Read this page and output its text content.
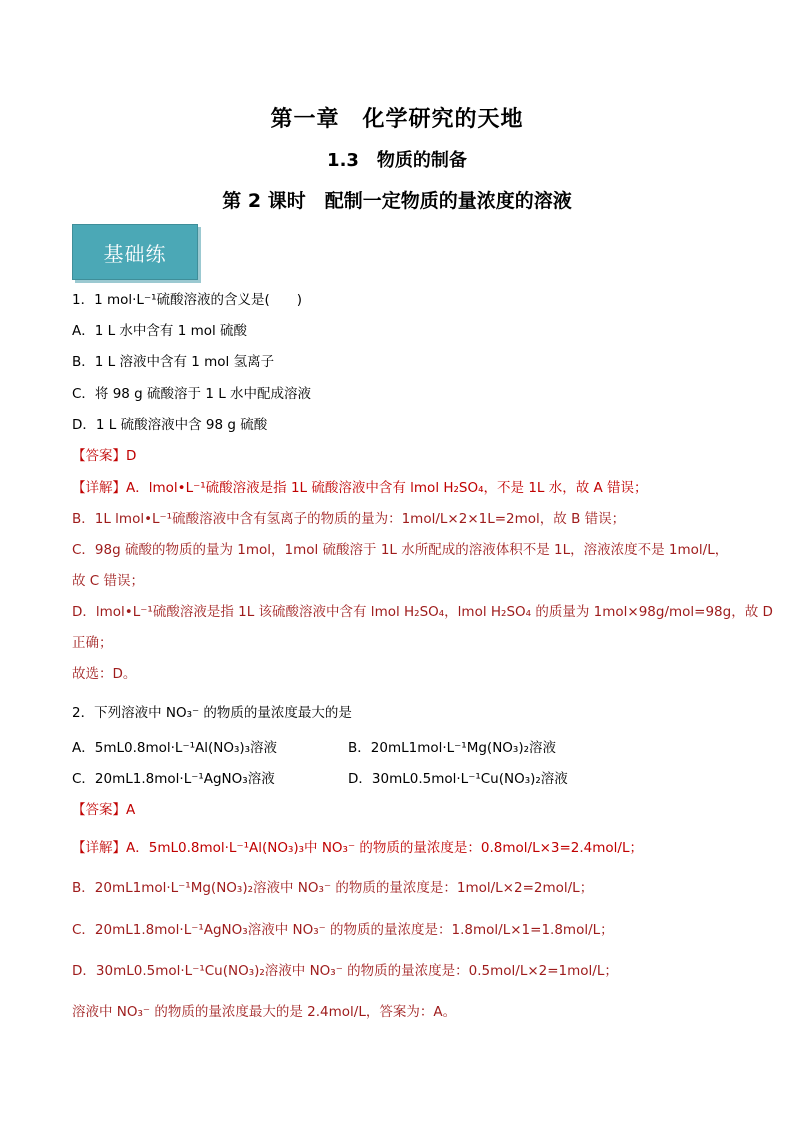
第一章　化学研究的天地
1.3　物质的制备
第 2 课时　配制一定物质的量浓度的溶液
基础练
1．1 mol·L⁻¹硫酸溶液的含义是(　　)
A．1 L 水中含有 1 mol 硫酸
B．1 L 溶液中含有 1 mol 氢离子
C．将 98 g 硫酸溶于 1 L 水中配成溶液
D．1 L 硫酸溶液中含 98 g 硫酸
【答案】D
【详解】A．lmol•L⁻¹硫酸溶液是指 1L 硫酸溶液中含有 lmol H₂SO₄，不是 1L 水，故 A 错误；
B．1L lmol•L⁻¹硫酸溶液中含有氢离子的物质的量为：1mol/L×2×1L=2mol，故 B 错误；
C．98g 硫酸的物质的量为 1mol，1mol 硫酸溶于 1L 水所配成的溶液体积不是 1L，溶液浓度不是 1mol/L，
故 C 错误；
D．lmol•L⁻¹硫酸溶液是指 1L 该硫酸溶液中含有 lmol H₂SO₄，lmol H₂SO₄ 的质量为 1mol×98g/mol=98g，故 D
正确；
故选：D。
2．下列溶液中 NO₃⁻ 的物质的量浓度最大的是
A．5mL0.8mol·L⁻¹Al(NO₃)₃溶液	B．20mL1mol·L⁻¹Mg(NO₃)₂溶液
C．20mL1.8mol·L⁻¹AgNO₃溶液	D．30mL0.5mol·L⁻¹Cu(NO₃)₂溶液
【答案】A
【详解】A．5mL0.8mol·L⁻¹Al(NO₃)₃中 NO₃⁻ 的物质的量浓度是：0.8mol/L×3=2.4mol/L；
B．20mL1mol·L⁻¹Mg(NO₃)₂溶液中 NO₃⁻ 的物质的量浓度是：1mol/L×2=2mol/L；
C．20mL1.8mol·L⁻¹AgNO₃溶液中 NO₃⁻ 的物质的量浓度是：1.8mol/L×1=1.8mol/L；
D．30mL0.5mol·L⁻¹Cu(NO₃)₂溶液中 NO₃⁻ 的物质的量浓度是：0.5mol/L×2=1mol/L；
溶液中 NO₃⁻ 的物质的量浓度最大的是 2.4mol/L，答案为：A。
